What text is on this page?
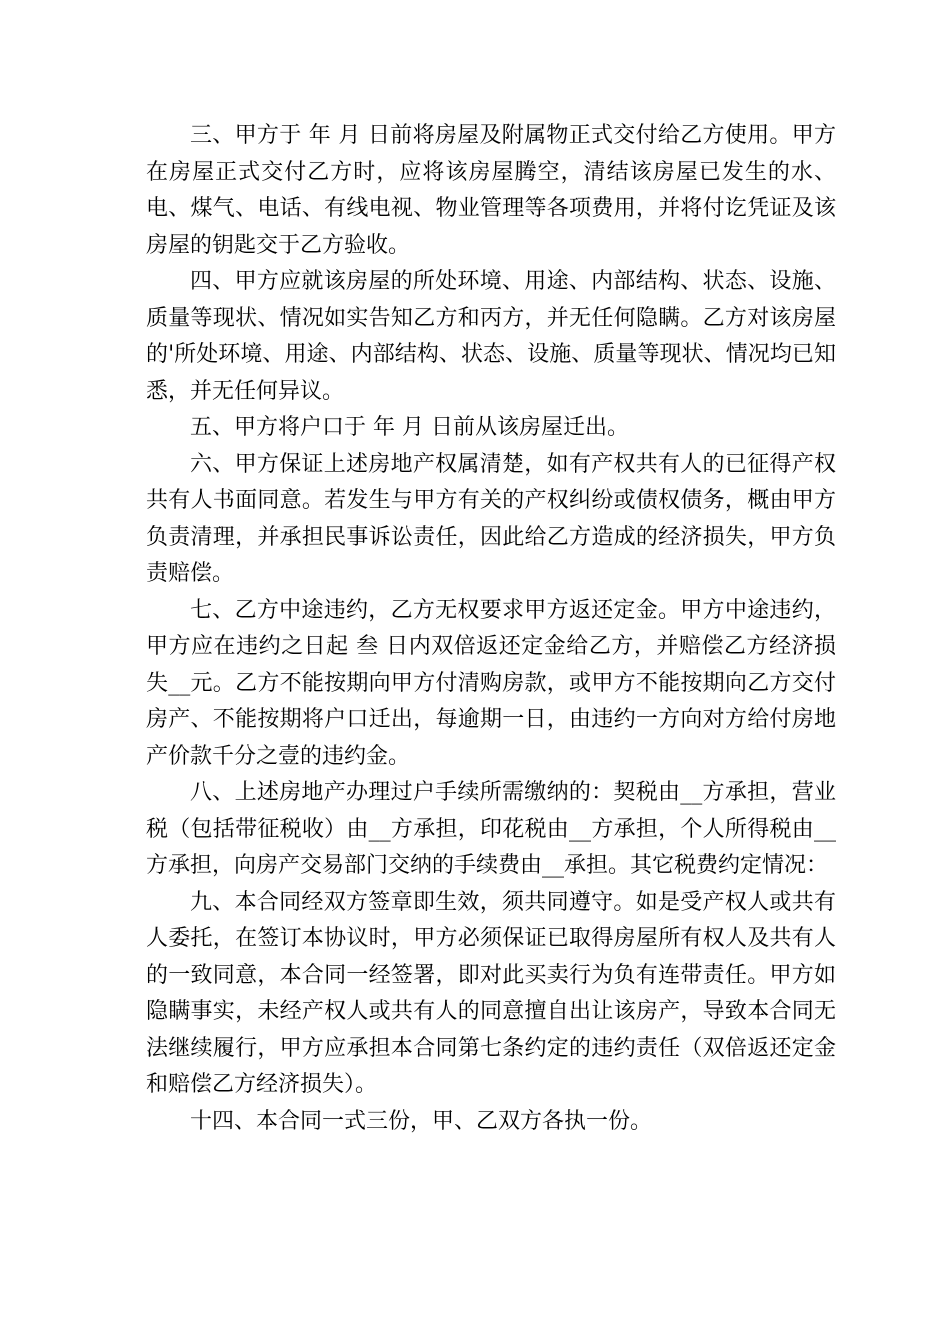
三、甲方于 年 月 日前将房屋及附属物正式交付给乙方使用。甲方在房屋正式交付乙方时，应将该房屋腾空，清结该房屋已发生的水、电、煤气、电话、有线电视、物业管理等各项费用，并将付讫凭证及该房屋的钥匙交于乙方验收。

四、甲方应就该房屋的所处环境、用途、内部结构、状态、设施、质量等现状、情况如实告知乙方和丙方，并无任何隐瞒。乙方对该房屋的'所处环境、用途、内部结构、状态、设施、质量等现状、情况均已知悉，并无任何异议。

五、甲方将户口于 年 月 日前从该房屋迁出。

六、甲方保证上述房地产权属清楚，如有产权共有人的已征得产权共有人书面同意。若发生与甲方有关的产权纠纷或债权债务，概由甲方负责清理，并承担民事诉讼责任，因此给乙方造成的经济损失，甲方负责赔偿。

七、乙方中途违约，乙方无权要求甲方返还定金。甲方中途违约，甲方应在违约之日起 叁 日内双倍返还定金给乙方，并赔偿乙方经济损失__元。乙方不能按期向甲方付清购房款，或甲方不能按期向乙方交付房产、不能按期将户口迁出，每逾期一日，由违约一方向对方给付房地产价款千分之壹的违约金。

八、上述房地产办理过户手续所需缴纳的：契税由__方承担，营业税（包括带征税收）由__方承担，印花税由__方承担，个人所得税由__方承担，向房产交易部门交纳的手续费由__承担。其它税费约定情况：

九、本合同经双方签章即生效，须共同遵守。如是受产权人或共有人委托，在签订本协议时，甲方必须保证已取得房屋所有权人及共有人的一致同意，本合同一经签署，即对此买卖行为负有连带责任。甲方如隐瞒事实，未经产权人或共有人的同意擅自出让该房产，导致本合同无法继续履行，甲方应承担本合同第七条约定的违约责任（双倍返还定金和赔偿乙方经济损失）。

十四、本合同一式三份，甲、乙双方各执一份。
